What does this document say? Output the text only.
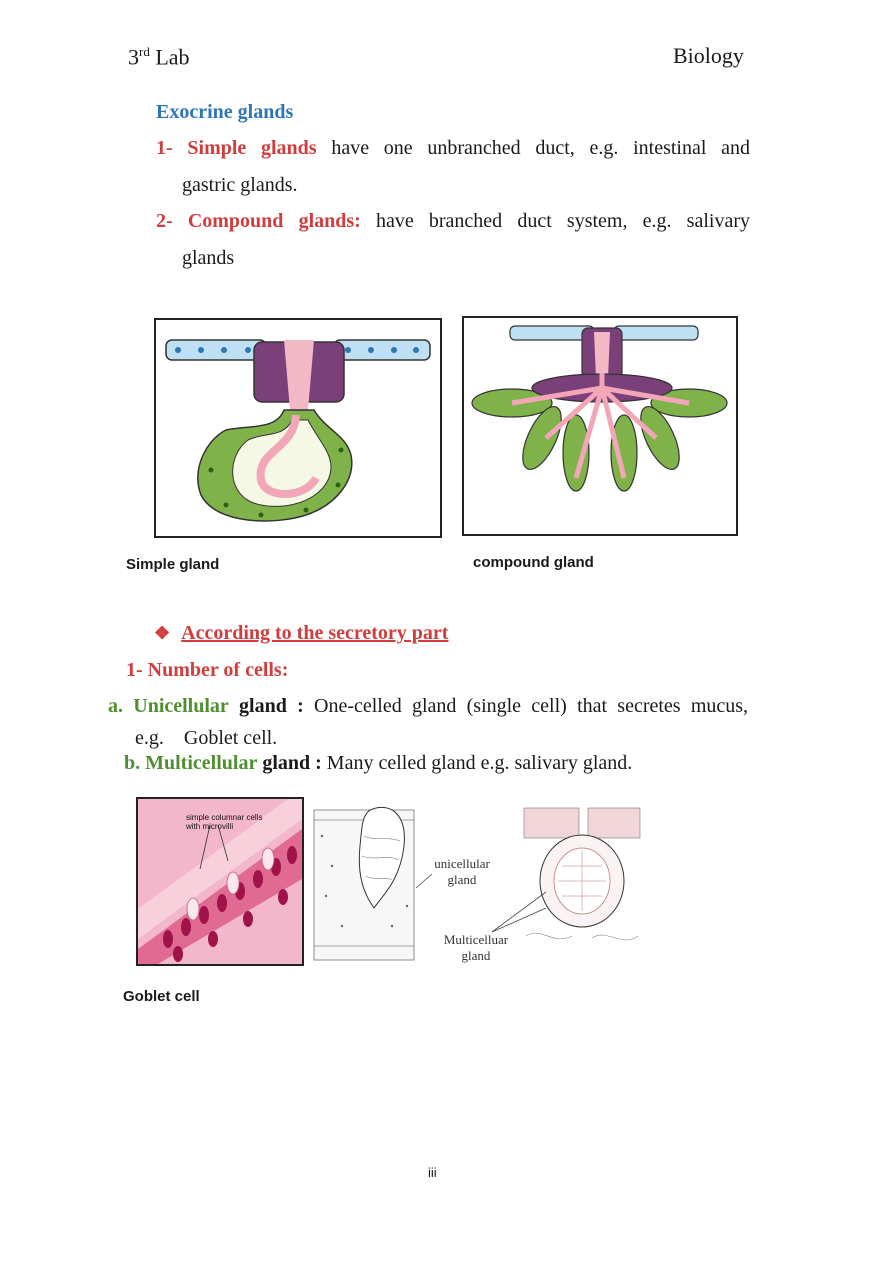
3rd Lab	Biology
Exocrine glands
1- Simple glands have one unbranched duct, e.g. intestinal and
gastric glands.
2- Compound glands: have branched duct system, e.g. salivary
glands
Simple gland	compound gland
❖ According to the secretory part
1- Number of cells:
a. Unicellular gland : One-celled gland (single cell) that secretes mucus,
e.g.    Goblet cell.
b. Multicellular gland : Many celled gland e.g. salivary gland.
simple columnar cells
with microvilli
unicellular
gland
Multicelluar
gland
Goblet cell
iii
